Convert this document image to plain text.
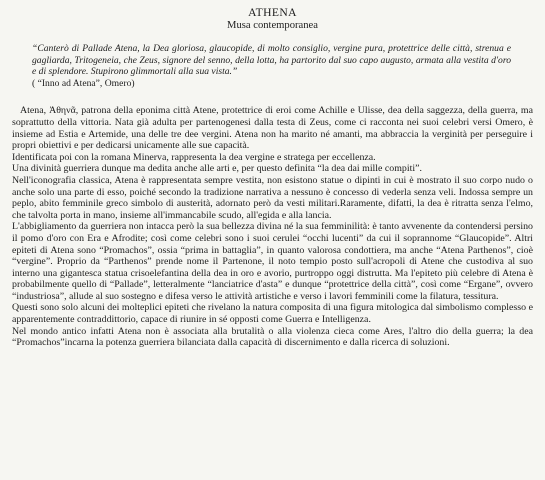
ATHENA
Musa contemporanea
“Canterò di Pallade Atena, la Dea gloriosa, glaucopide, di molto consiglio, vergine pura, protettrice delle città, strenua e gagliarda, Tritogeneia, che Zeus, signore del senno, della lotta, ha partorito dal suo capo augusto, armata alla vestita d'oro e di splendore. Stupirono glimmortali alla sua vista.”
( “Inno ad Atena”, Omero)

Atena, Ἀθηνᾶ, patrona della eponima città Atene, protettrice di eroi come Achille e Ulisse, dea della saggezza, della guerra, ma soprattutto della vittoria. Nata già adulta per partenogenesi dalla testa di Zeus, come ci racconta nei suoi celebri versi Omero, è insieme ad Estia e Artemide, una delle tre dee vergini. Atena non ha marito né amanti, ma abbraccia la verginità per perseguire i propri obiettivi e per dedicarsi unicamente alle sue capacità.

Identificata poi con la romana Minerva, rappresenta la dea vergine e stratega per eccellenza.

Una divinità guerriera dunque ma dedita anche alle arti e, per questo definita “la dea dai mille compiti”.

Nell'iconografia classica, Atena è rappresentata sempre vestita, non esistono statue o dipinti in cui è mostrato il suo corpo nudo o anche solo una parte di esso, poiché secondo la tradizione narrativa a nessuno è concesso di vederla senza veli. Indossa sempre un peplo, abito femminile greco simbolo di austerità, adornato però da vesti militari.Raramente, difatti, la dea è ritratta senza l'elmo, che talvolta porta in mano, insieme all'immancabile scudo, all'egida e alla lancia.

L'abbigliamento da guerriera non intacca però la sua bellezza divina né la sua femminilità: è tanto avvenente da contendersi persino il pomo d'oro con Era e Afrodite; così come celebri sono i suoi cerulei “occhi lucenti” da cui il soprannome “Glaucopide”. Altri epiteti di Atena sono “Promachos”, ossia “prima in battaglia”, in quanto valorosa condottiera, ma anche “Atena Parthenos”, cioè “vergine”. Proprio da “Parthenos” prende nome il Partenone, il noto tempio posto sull'acropoli di Atene che custodiva al suo interno una gigantesca statua crisoelefantina della dea in oro e avorio, purtroppo oggi distrutta. Ma l'epiteto più celebre di Atena è probabilmente quello di “Pallade”, letteralmente “lanciatrice d'asta” e dunque “protettrice della città”, così come “Ergane”, ovvero “industriosa”, allude al suo sostegno e difesa verso le attività artistiche e verso i lavori femminili come la filatura, tessitura.

Questi sono solo alcuni dei molteplici epiteti che rivelano la natura composita di una figura mitologica dal simbolismo complesso e apparentemente contraddittorio, capace di riunire in sé opposti come Guerra e Intelligenza.

Nel mondo antico infatti Atena non è associata alla brutalità o alla violenza cieca come Ares, l'altro dio della guerra; la dea “Promachos”incarna la potenza guerriera bilanciata dalla capacità di discernimento e dalla ricerca di soluzioni.
